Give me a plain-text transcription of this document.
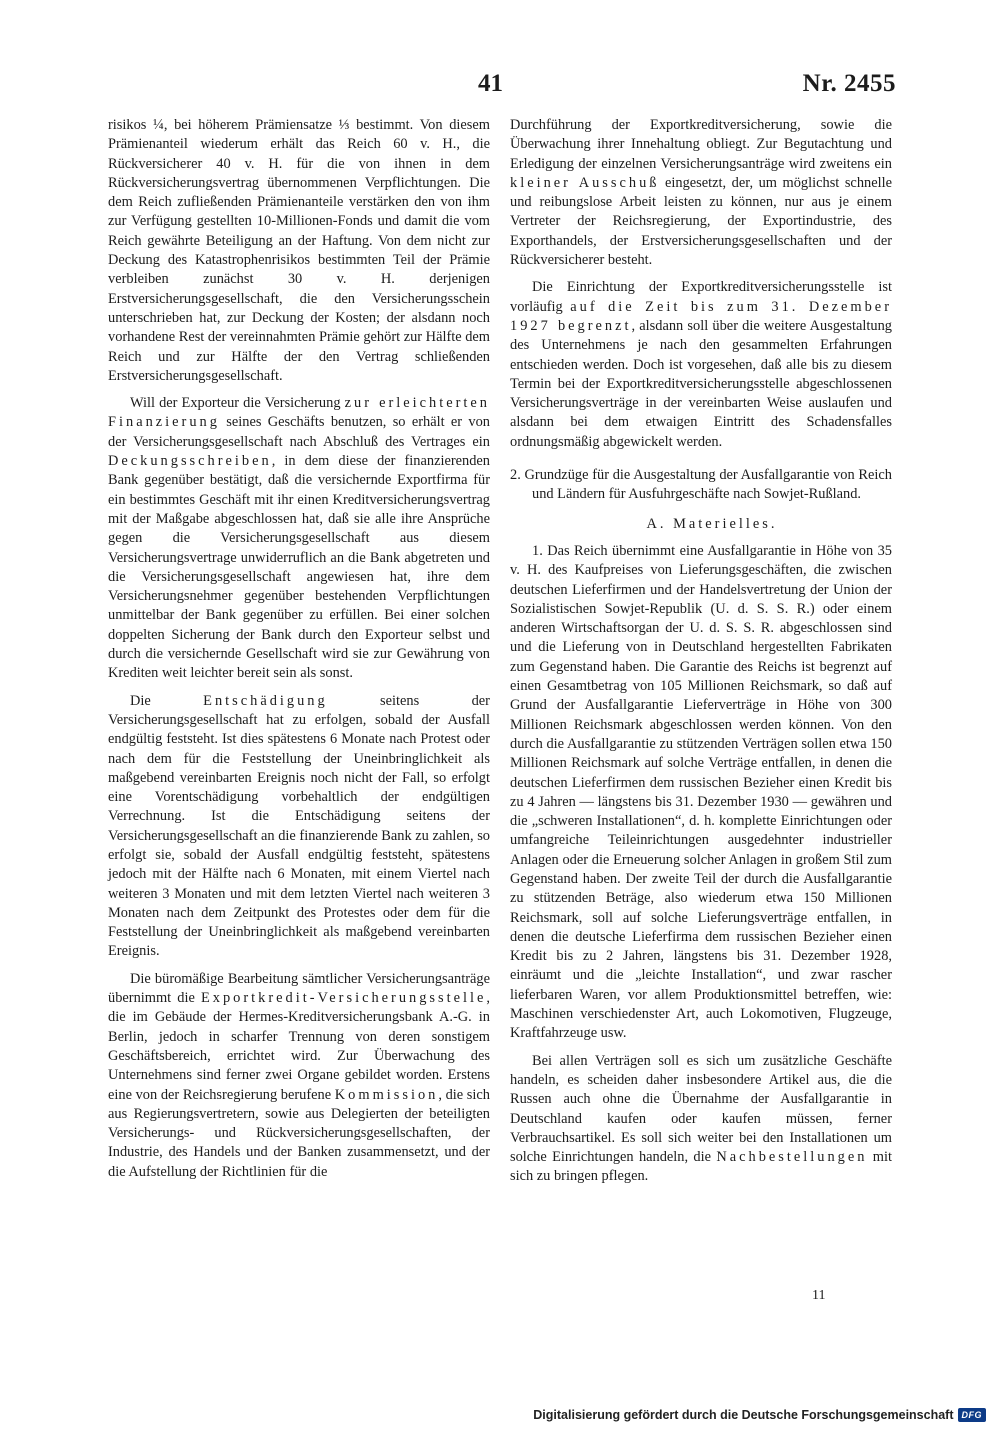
41	Nr. 2455

risikos ¼, bei höherem Prämiensatze ⅓ bestimmt. Von diesem Prämienanteil wiederum erhält das Reich 60 v. H., die Rückversicherer 40 v. H. für die von ihnen in dem Rückversicherungsvertrag übernommenen Verpflichtungen. Die dem Reich zufließenden Prämienanteile verstärken den von ihm zur Verfügung gestellten 10-Millionen-Fonds und damit die vom Reich gewährte Beteiligung an der Haftung. Von dem nicht zur Deckung des Katastrophenrisikos bestimmten Teil der Prämie verbleiben zunächst 30 v. H. derjenigen Erstversicherungsgesellschaft, die den Versicherungsschein unterschrieben hat, zur Deckung der Kosten; der alsdann noch vorhandene Rest der vereinnahmten Prämie gehört zur Hälfte dem Reich und zur Hälfte der den Vertrag schließenden Erstversicherungsgesellschaft.

Will der Exporteur die Versicherung zur erleichterten Finanzierung seines Geschäfts benutzen, so erhält er von der Versicherungsgesellschaft nach Abschluß des Vertrages ein Deckungsschreiben, in dem diese der finanzierenden Bank gegenüber bestätigt, daß die versichernde Exportfirma für ein bestimmtes Geschäft mit ihr einen Kreditversicherungsvertrag mit der Maßgabe abgeschlossen hat, daß sie alle ihre Ansprüche gegen die Versicherungsgesellschaft aus diesem Versicherungsvertrage unwiderruflich an die Bank abgetreten und die Versicherungsgesellschaft angewiesen hat, ihre dem Versicherungsnehmer gegenüber bestehenden Verpflichtungen unmittelbar der Bank gegenüber zu erfüllen. Bei einer solchen doppelten Sicherung der Bank durch den Exporteur selbst und durch die versichernde Gesellschaft wird sie zur Gewährung von Krediten weit leichter bereit sein als sonst.

Die Entschädigung seitens der Versicherungsgesellschaft hat zu erfolgen, sobald der Ausfall endgültig feststeht. Ist dies spätestens 6 Monate nach Protest oder nach dem für die Feststellung der Uneinbringlichkeit als maßgebend vereinbarten Ereignis noch nicht der Fall, so erfolgt eine Vorentschädigung vorbehaltlich der endgültigen Verrechnung. Ist die Entschädigung seitens der Versicherungsgesellschaft an die finanzierende Bank zu zahlen, so erfolgt sie, sobald der Ausfall endgültig feststeht, spätestens jedoch mit der Hälfte nach 6 Monaten, mit einem Viertel nach weiteren 3 Monaten und mit dem letzten Viertel nach weiteren 3 Monaten nach dem Zeitpunkt des Protestes oder dem für die Feststellung der Uneinbringlichkeit als maßgebend vereinbarten Ereignis.

Die büromäßige Bearbeitung sämtlicher Versicherungsanträge übernimmt die Exportkredit-Versicherungsstelle, die im Gebäude der Hermes-Kreditversicherungsbank A.-G. in Berlin, jedoch in scharfer Trennung von deren sonstigem Geschäftsbereich, errichtet wird. Zur Überwachung des Unternehmens sind ferner zwei Organe gebildet worden. Erstens eine von der Reichsregierung berufene Kommission, die sich aus Regierungsvertretern, sowie aus Delegierten der beteiligten Versicherungs- und Rückversicherungsgesellschaften, der Industrie, des Handels und der Banken zusammensetzt, und der die Aufstellung der Richtlinien für die

Durchführung der Exportkreditversicherung, sowie die Überwachung ihrer Innehaltung obliegt. Zur Begutachtung und Erledigung der einzelnen Versicherungsanträge wird zweitens ein kleiner Ausschuß eingesetzt, der, um möglichst schnelle und reibungslose Arbeit leisten zu können, nur aus je einem Vertreter der Reichsregierung, der Exportindustrie, des Exporthandels, der Erstversicherungsgesellschaften und der Rückversicherer besteht.

Die Einrichtung der Exportkreditversicherungsstelle ist vorläufig auf die Zeit bis zum 31. Dezember 1927 begrenzt, alsdann soll über die weitere Ausgestaltung des Unternehmens je nach den gesammelten Erfahrungen entschieden werden. Doch ist vorgesehen, daß alle bis zu diesem Termin bei der Exportkreditversicherungsstelle abgeschlossenen Versicherungsverträge in der vereinbarten Weise auslaufen und alsdann bei dem etwaigen Eintritt des Schadensfalles ordnungsmäßig abgewickelt werden.

2. Grundzüge für die Ausgestaltung der Ausfallgarantie von Reich und Ländern für Ausfuhrgeschäfte nach Sowjet-Rußland.

A. Materielles.

1. Das Reich übernimmt eine Ausfallgarantie in Höhe von 35 v. H. des Kaufpreises von Lieferungsgeschäften, die zwischen deutschen Lieferfirmen und der Handelsvertretung der Union der Sozialistischen Sowjet-Republik (U. d. S. S. R.) oder einem anderen Wirtschaftsorgan der U. d. S. S. R. abgeschlossen sind und die Lieferung von in Deutschland hergestellten Fabrikaten zum Gegenstand haben. Die Garantie des Reichs ist begrenzt auf einen Gesamtbetrag von 105 Millionen Reichsmark, so daß auf Grund der Ausfallgarantie Lieferverträge in Höhe von 300 Millionen Reichsmark abgeschlossen werden können. Von den durch die Ausfallgarantie zu stützenden Verträgen sollen etwa 150 Millionen Reichsmark auf solche Verträge entfallen, in denen die deutschen Lieferfirmen dem russischen Bezieher einen Kredit bis zu 4 Jahren — längstens bis 31. Dezember 1930 — gewähren und die „schweren Installationen“, d. h. komplette Einrichtungen oder umfangreiche Teileinrichtungen ausgedehnter industrieller Anlagen oder die Erneuerung solcher Anlagen in großem Stil zum Gegenstand haben. Der zweite Teil der durch die Ausfallgarantie zu stützenden Beträge, also wiederum etwa 150 Millionen Reichsmark, soll auf solche Lieferungsverträge entfallen, in denen die deutsche Lieferfirma dem russischen Bezieher einen Kredit bis zu 2 Jahren, längstens bis 31. Dezember 1928, einräumt und die „leichte Installation“, und zwar rascher lieferbaren Waren, vor allem Produktionsmittel betreffen, wie: Maschinen verschiedenster Art, auch Lokomotiven, Flugzeuge, Kraftfahrzeuge usw.

Bei allen Verträgen soll es sich um zusätzliche Geschäfte handeln, es scheiden daher insbesondere Artikel aus, die die Russen auch ohne die Übernahme der Ausfallgarantie in Deutschland kaufen oder kaufen müssen, ferner Verbrauchsartikel. Es soll sich weiter bei den Installationen um solche Einrichtungen handeln, die Nachbestellungen mit sich zu bringen pflegen.

11
Digitalisierung gefördert durch die Deutsche Forschungsgemeinschaft DFG
